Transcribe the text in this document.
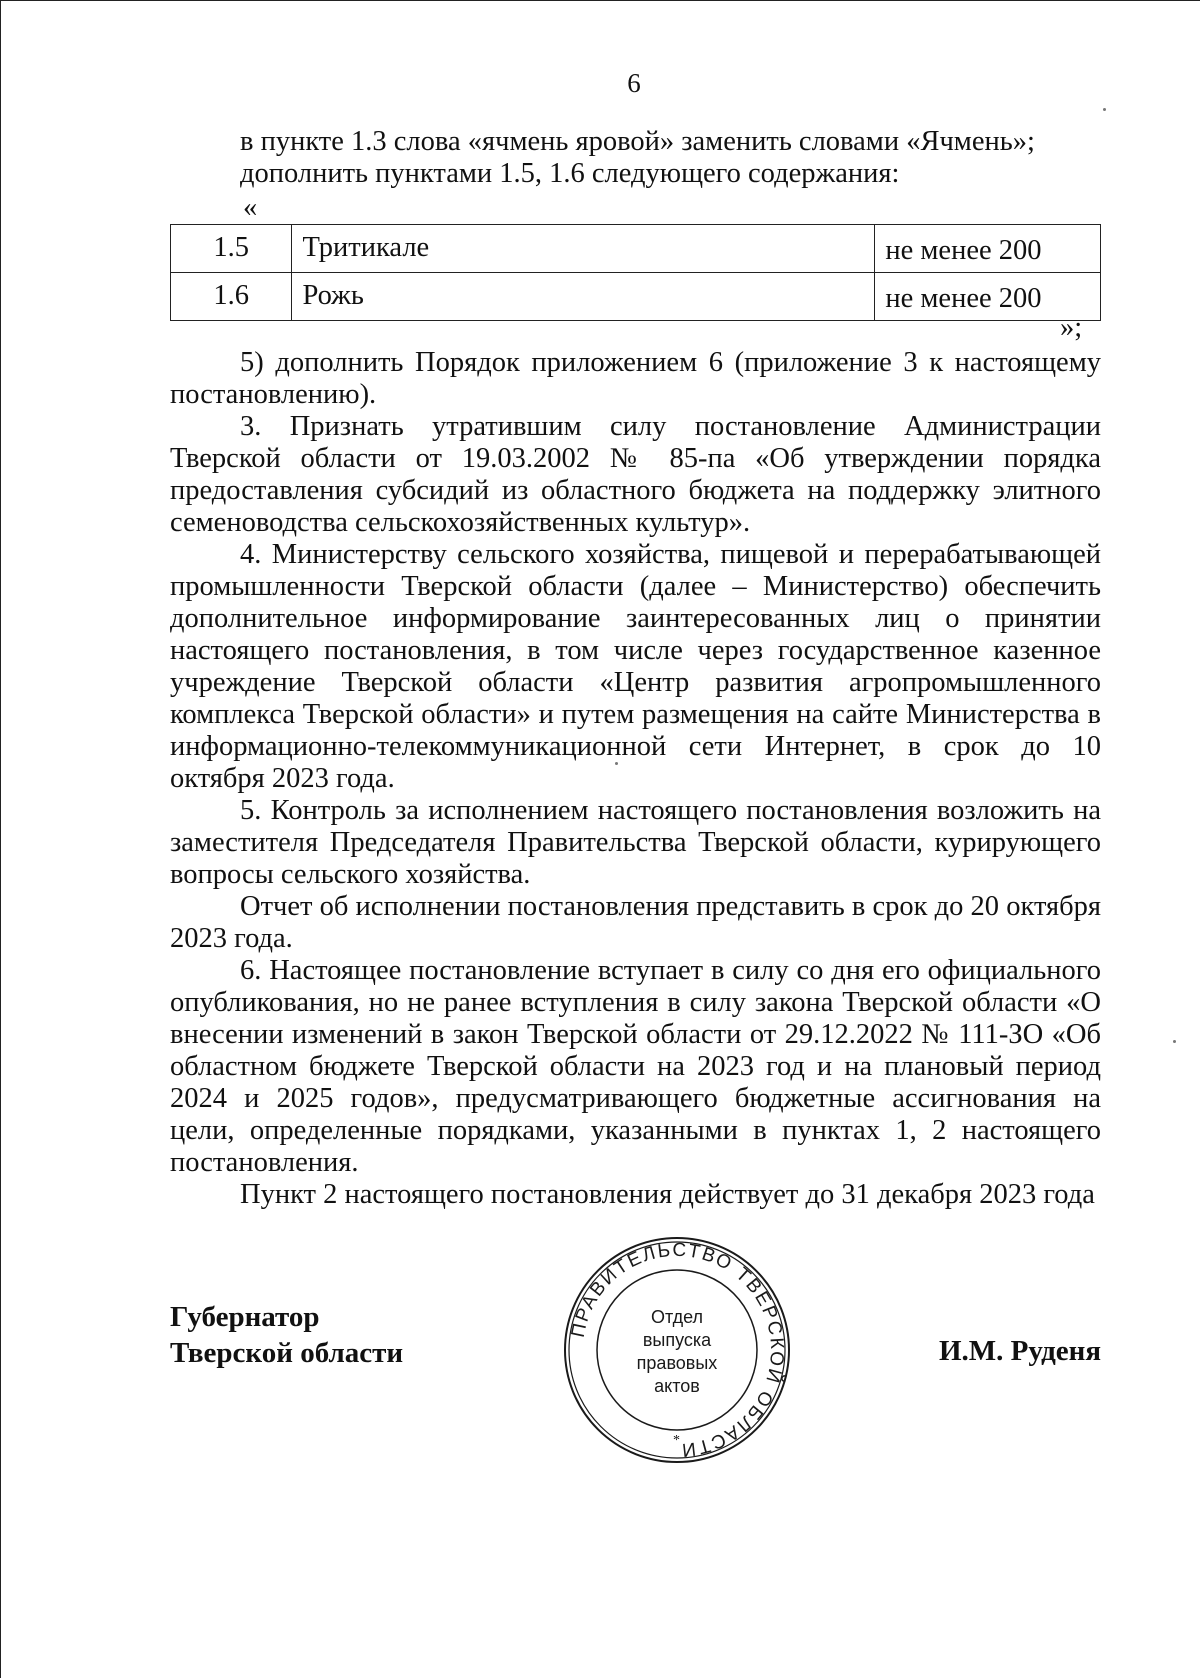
6

в пункте 1.3 слова «ячмень яровой» заменить словами «Ячмень»;

дополнить пунктами 1.5, 1.6 следующего содержания:

«
1.5	Тритикале	не менее 200
1.6	Рожь	не менее 200
»;

5) дополнить Порядок приложением 6 (приложение 3 к настоящему постановлению).

3. Признать утратившим силу постановление Администрации Тверской области от 19.03.2002 № 85-па «Об утверждении порядка предоставления субсидий из областного бюджета на поддержку элитного семеноводства сельскохозяйственных культур».

4. Министерству сельского хозяйства, пищевой и перерабатывающей промышленности Тверской области (далее – Министерство) обеспечить дополнительное информирование заинтересованных лиц о принятии настоящего постановления, в том числе через государственное казенное учреждение Тверской области «Центр развития агропромышленного комплекса Тверской области» и путем размещения на сайте Министерства в информационно-телекоммуникационной сети Интернет, в срок до 10 октября 2023 года.

5. Контроль за исполнением настоящего постановления возложить на заместителя Председателя Правительства Тверской области, курирующего вопросы сельского хозяйства.

Отчет об исполнении постановления представить в срок до 20 октября 2023 года.

6. Настоящее постановление вступает в силу со дня его официального опубликования, но не ранее вступления в силу закона Тверской области «О внесении изменений в закон Тверской области от 29.12.2022 № 111-ЗО «Об областном бюджете Тверской области на 2023 год и на плановый период 2024 и 2025 годов», предусматривающего бюджетные ассигнования на цели, определенные порядками, указанными в пунктах 1, 2 настоящего постановления.

Пункт 2 настоящего постановления действует до 31 декабря 2023 года

Губернатор
Тверской области	И.М. Руденя
ПРАВИТЕЛЬСТВО ТВЕРСКОЙ ОБЛАСТИ
Отдел
выпуска
правовых
актов
*
